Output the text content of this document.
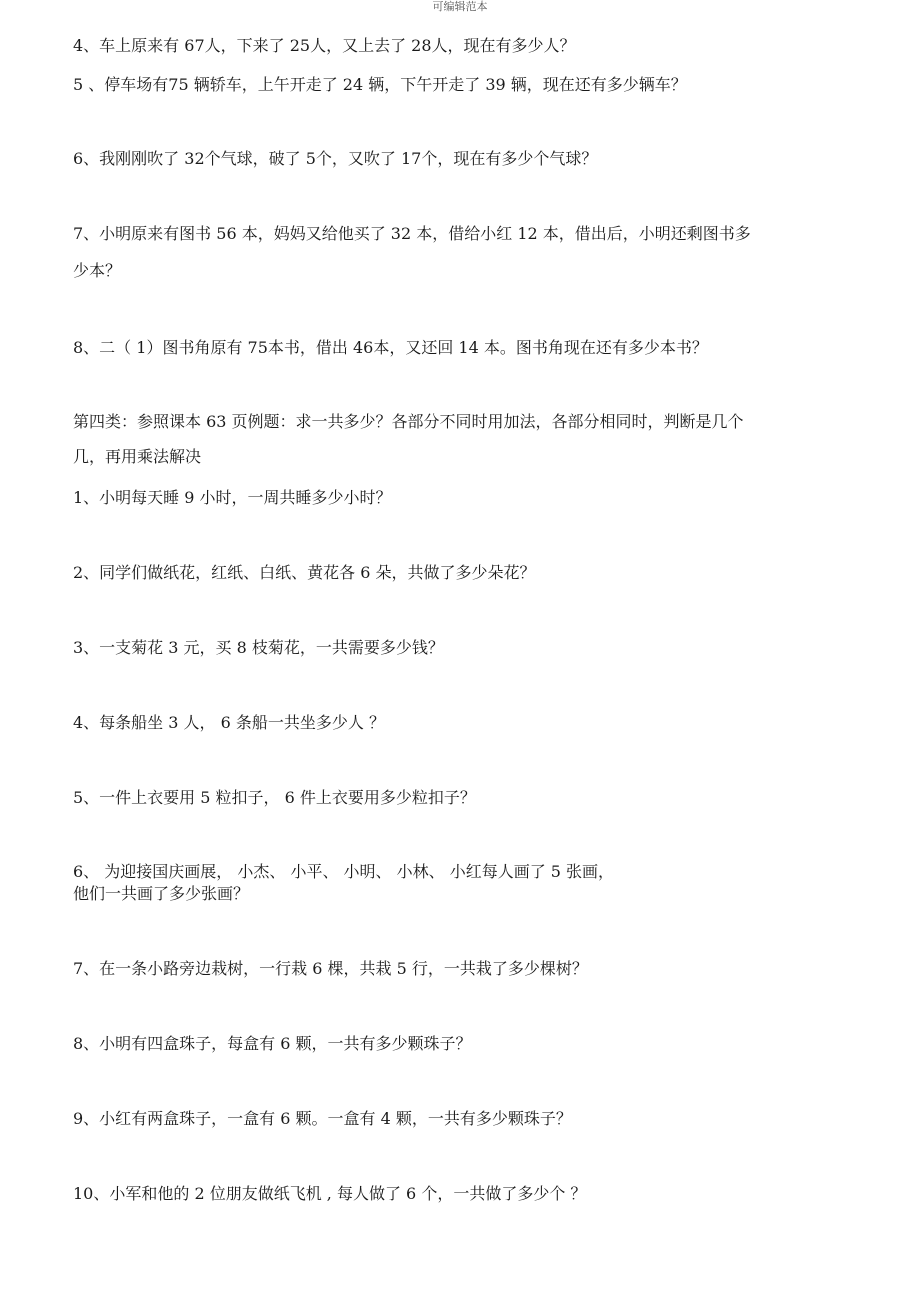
可编辑范本
4、车上原来有 67人，下来了 25人，又上去了 28人，现在有多少人？
5 、停车场有75 辆轿车，上午开走了 24 辆，下午开走了 39 辆，现在还有多少辆车？
6、我刚刚吹了 32个气球，破了 5个，又吹了 17个，现在有多少个气球？
7、小明原来有图书 56 本，妈妈又给他买了 32 本，借给小红 12 本，借出后，小明还剩图书多
少本？
8、二（ 1）图书角原有 75本书，借出 46本，又还回 14 本。图书角现在还有多少本书？
第四类：参照课本 63 页例题：求一共多少？各部分不同时用加法，各部分相同时，判断是几个
几，再用乘法解决
1、小明每天睡 9 小时，一周共睡多少小时？
2、同学们做纸花，红纸、白纸、黄花各 6 朵，共做了多少朵花？
3、一支菊花 3 元，买 8 枝菊花，一共需要多少钱？
4、每条船坐 3 人， 6 条船一共坐多少人 ？
5、一件上衣要用 5 粒扣子， 6 件上衣要用多少粒扣子？
6、 为迎接国庆画展， 小杰、 小平、 小明、 小林、 小红每人画了 5 张画，
他们一共画了多少张画？
7、在一条小路旁边栽树，一行栽 6 棵，共栽 5 行，一共栽了多少棵树？
8、小明有四盒珠子，每盒有 6 颗，一共有多少颗珠子？
9、小红有两盒珠子，一盒有 6 颗。一盒有 4 颗，一共有多少颗珠子？
10、小军和他的 2 位朋友做纸飞机 , 每人做了 6 个，一共做了多少个 ？
